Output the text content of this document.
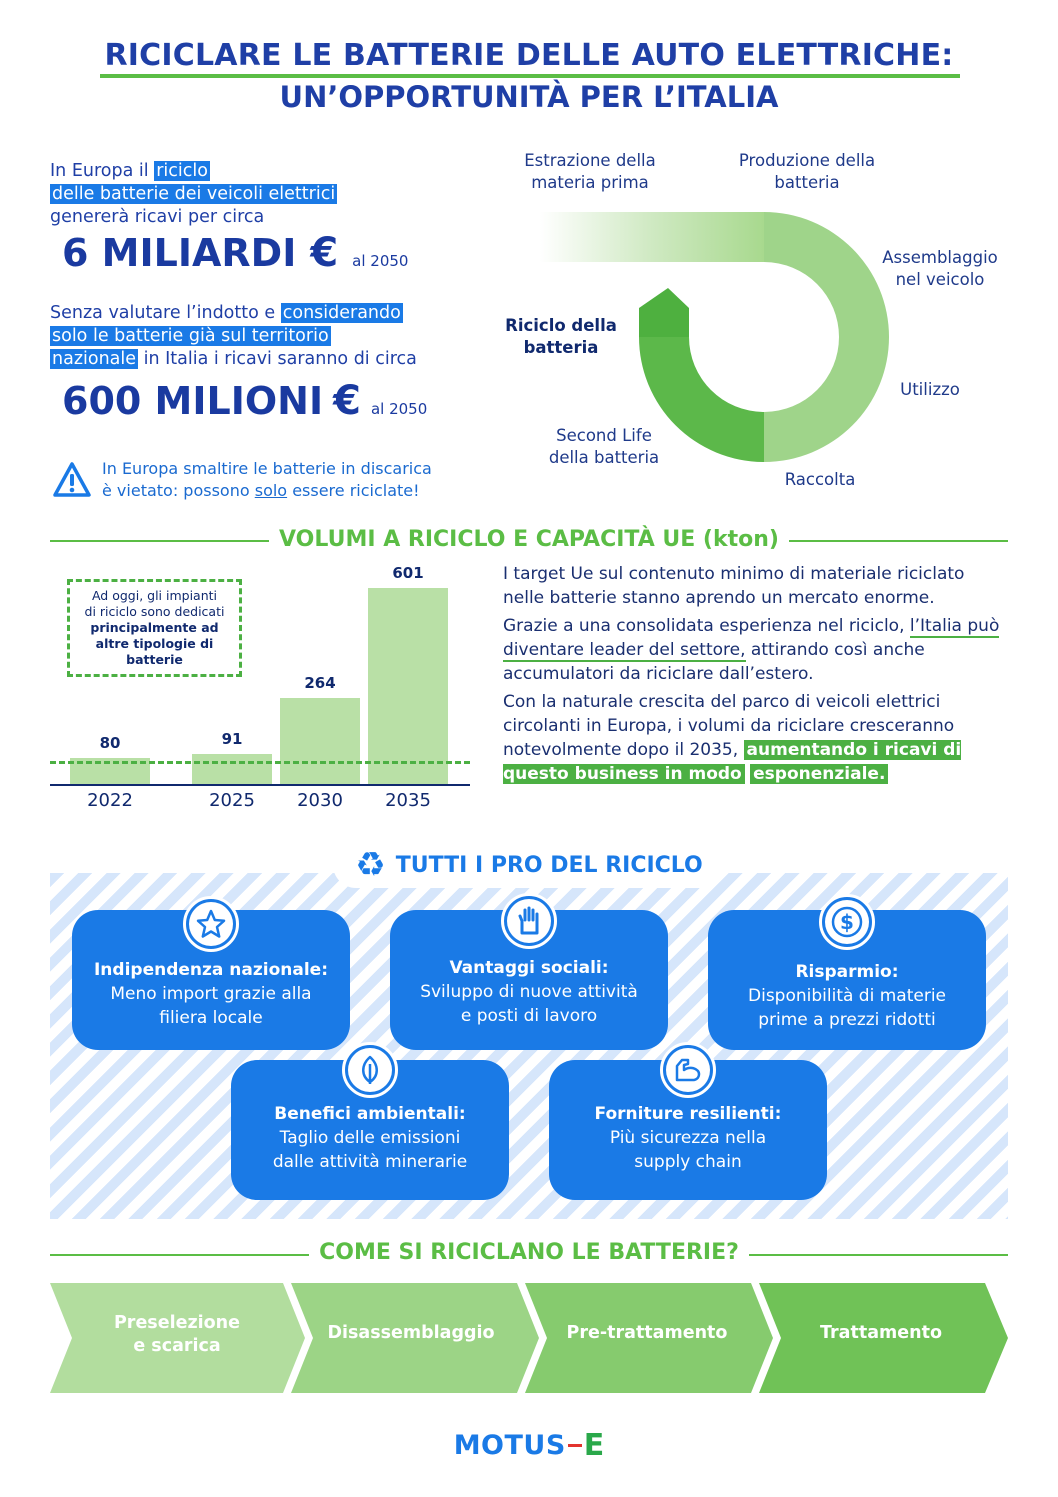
RICICLARE LE BATTERIE DELLE AUTO ELETTRICHE:
UN’OPPORTUNITÀ PER L’ITALIA
In Europa il riciclo
delle batterie dei veicoli elettrici
genererà ricavi per circa
6 MILIARDI € al 2050
Senza valutare l’indotto e considerando
solo le batterie già sul territorio
nazionale in Italia i ricavi saranno di circa
600 MILIONI € al 2050
In Europa smaltire le batterie in discarica
è vietato: possono solo essere riciclate!
Estrazione della
materia prima
Produzione della
batteria
Assemblaggio
nel veicolo
Utilizzo
Raccolta
Second Life
della batteria
Riciclo della
batteria
VOLUMI A RICICLO E CAPACITÀ UE (kton)
80
2022
91
2025
264
2030
601
2035
Ad oggi, gli impianti
di riciclo sono dedicati
principalmente ad
altre tipologie di
batterie

I target Ue sul contenuto minimo di materiale riciclato nelle batterie stanno aprendo un mercato enorme.

Grazie a una consolidata esperienza nel riciclo, l’Italia può diventare leader del settore, attirando così anche accumulatori da riciclare dall’estero.

Con la naturale crescita del parco di veicoli elettrici circolanti in Europa, i volumi da riciclare cresceranno notevolmente dopo il 2035, aumentando i ricavi di questo business in modo esponenziale.

♻ TUTTI I PRO DEL RICICLO
Indipendenza nazionale:
Meno import grazie alla
filiera locale
Vantaggi sociali:
Sviluppo di nuove attività
e posti di lavoro
Risparmio:
Disponibilità di materie
prime a prezzi ridotti
$
Benefici ambientali:
Taglio delle emissioni
dalle attività minerarie
Forniture resilienti:
Più sicurezza nella
supply chain
COME SI RICICLANO LE BATTERIE?
Preselezione
e scarica
Disassemblaggio	Pre-trattamento	Trattamento
MOTUS E
